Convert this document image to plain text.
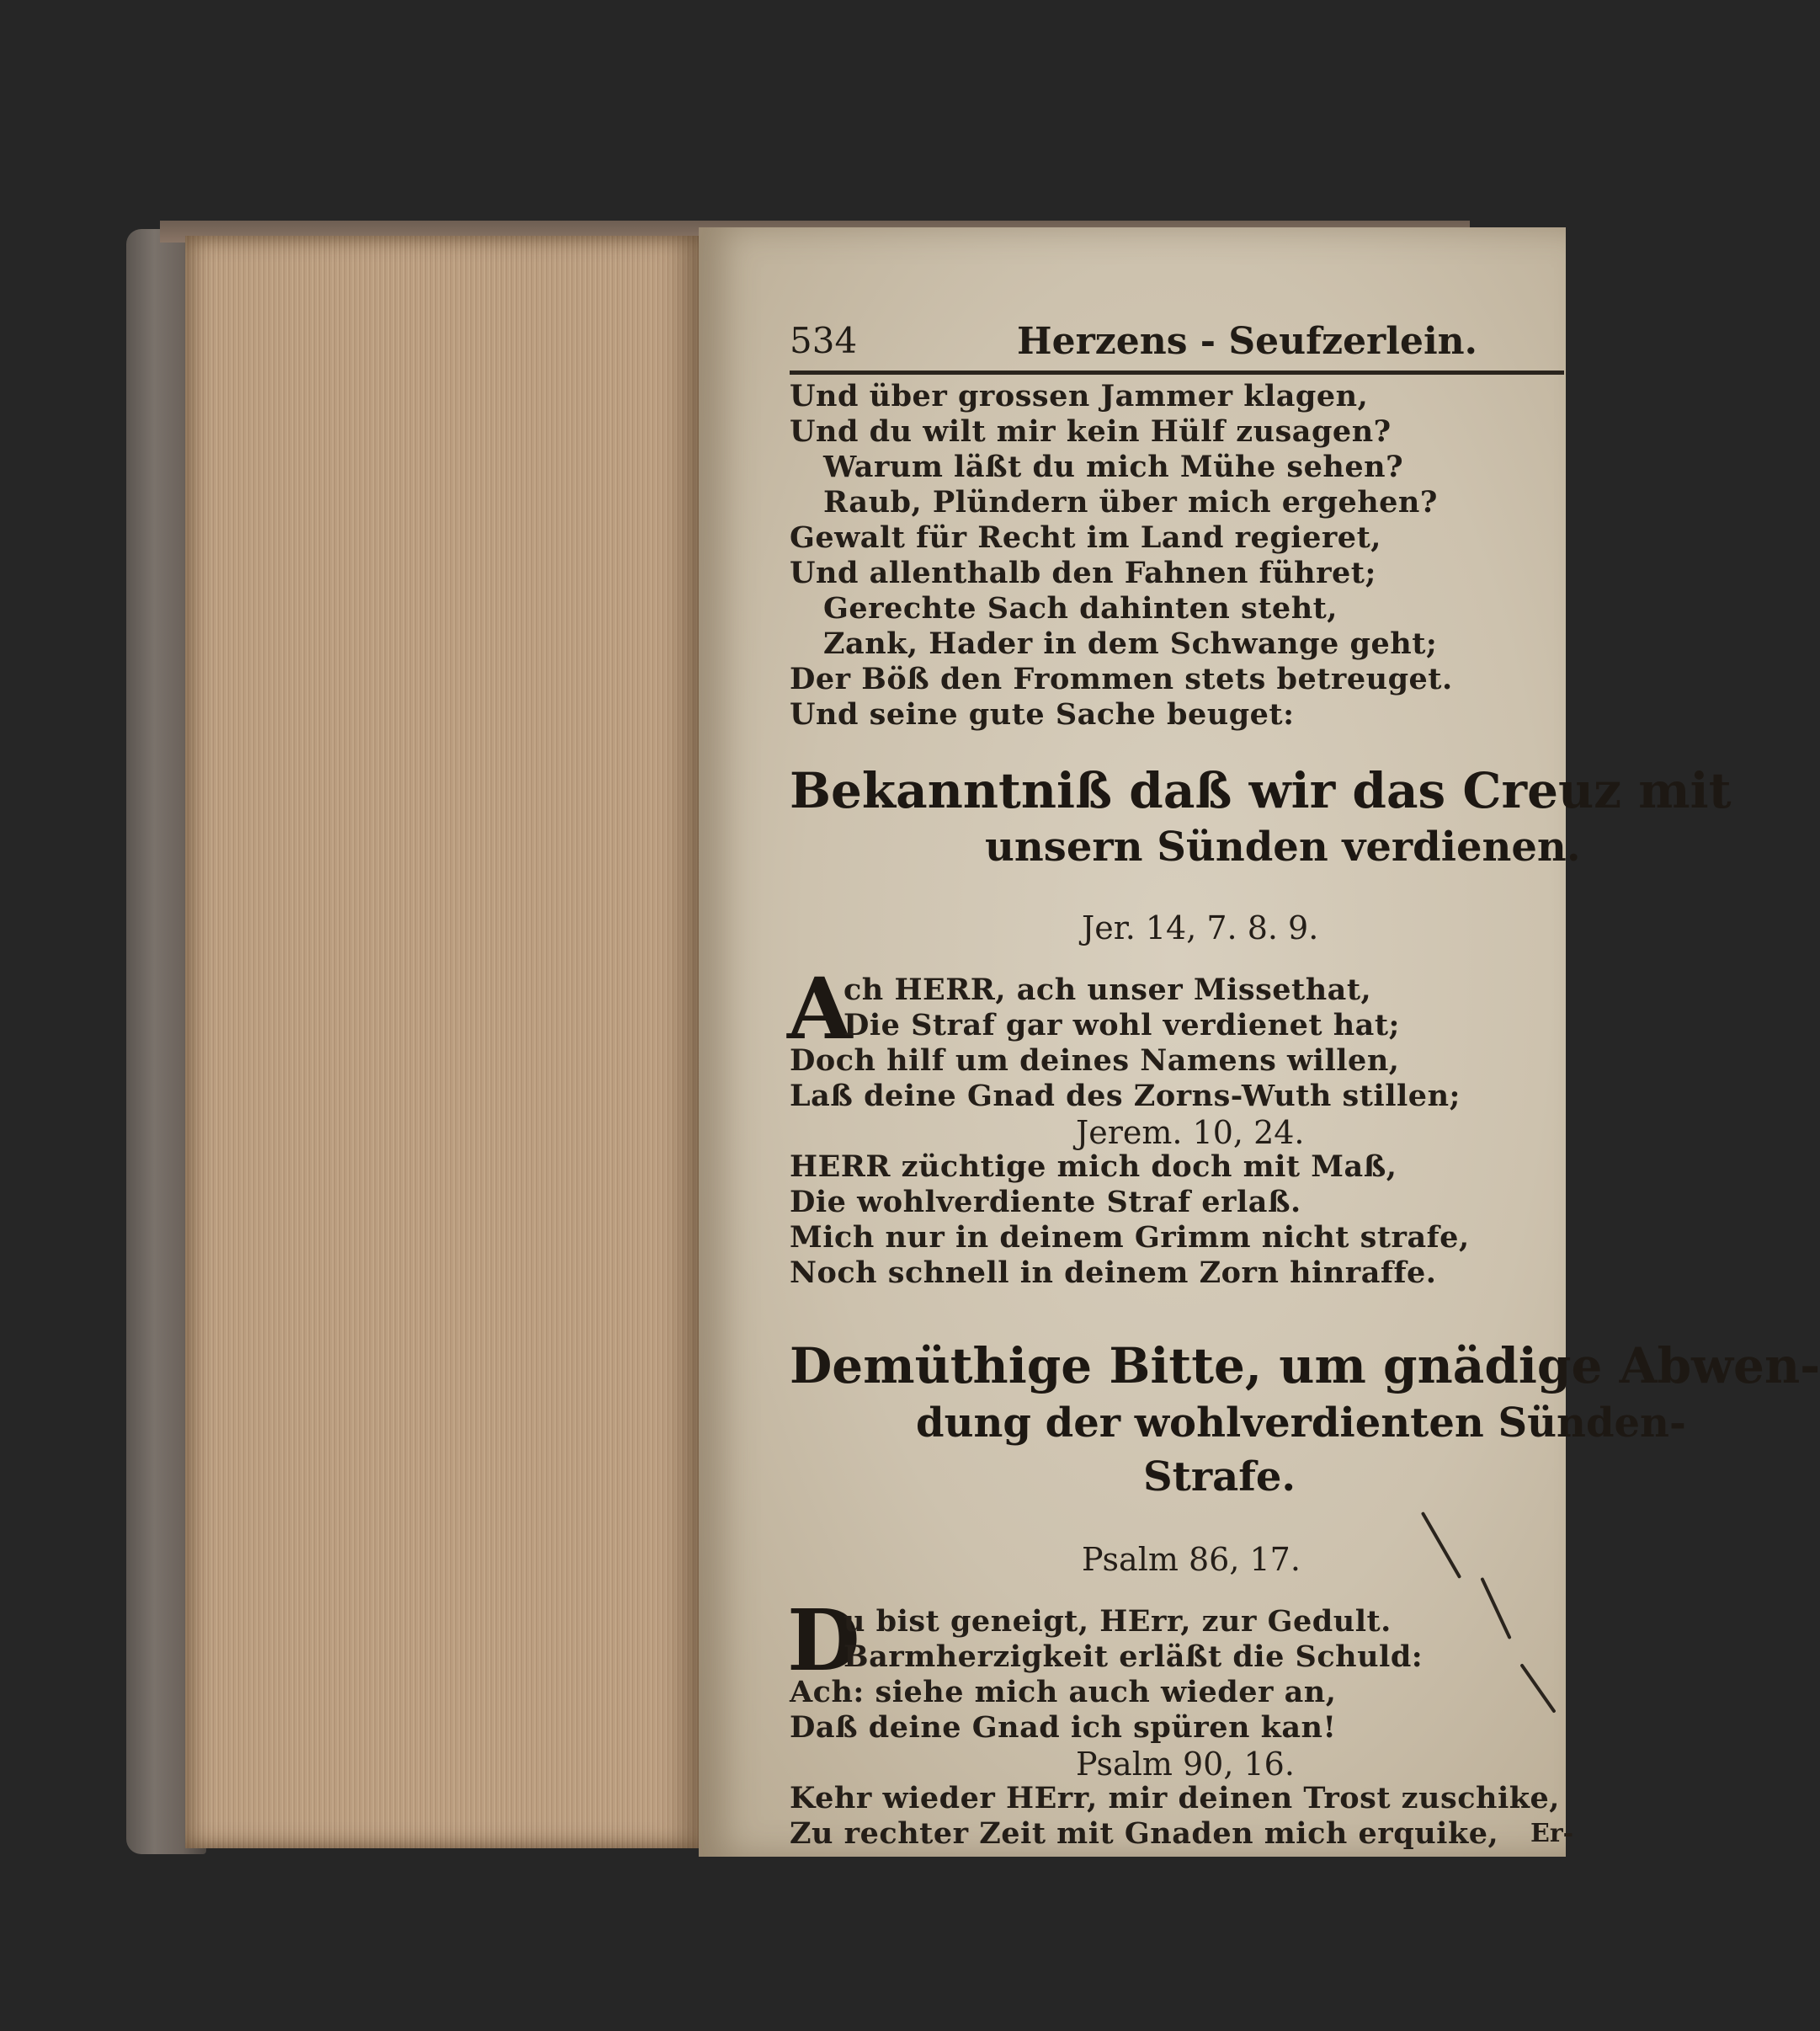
534	Herzens - Seufzerlein.
Und über grossen Jammer klagen,
Und du wilt mir kein Hülf zusagen?
Warum läßt du mich Mühe sehen?
Raub, Plündern über mich ergehen?
Gewalt für Recht im Land regieret,
Und allenthalb den Fahnen führet;
Gerechte Sach dahinten steht,
Zank, Hader in dem Schwange geht;
Der Böß den Frommen stets betreuget.
Und seine gute Sache beuget:
Bekanntniß daß wir das Creuz mit
unsern Sünden verdienen.
Jer. 14, 7. 8. 9.
A
ch HERR, ach unser Missethat,
Die Straf gar wohl verdienet hat;
Doch hilf um deines Namens willen,
Laß deine Gnad des Zorns-Wuth stillen;
Jerem. 10, 24.
HERR züchtige mich doch mit Maß,
Die wohlverdiente Straf erlaß.
Mich nur in deinem Grimm nicht strafe,
Noch schnell in deinem Zorn hinraffe.
Demüthige Bitte, um gnädige Abwen-
dung der wohlverdienten Sünden-
Strafe.
Psalm 86, 17.
D
u bist geneigt, HErr, zur Gedult.
Barmherzigkeit erläßt die Schuld:
Ach: siehe mich auch wieder an,
Daß deine Gnad ich spüren kan!
Psalm 90, 16.
Kehr wieder HErr, mir deinen Trost zuschike,
Zu rechter Zeit mit Gnaden mich erquike, Er-
